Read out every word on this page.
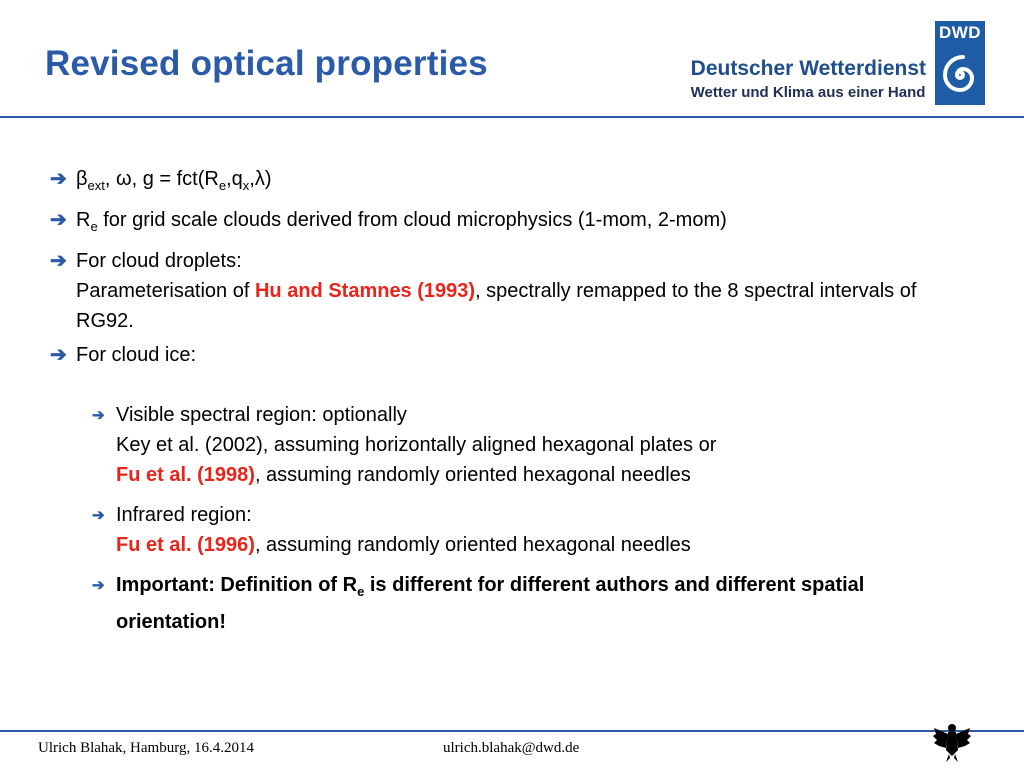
Revised optical properties	Deutscher Wetterdienst
Wetter und Klima aus einer Hand
DWD
➔ $\beta_{ext}$, ω, $g = fct(R_e,q_x,\lambda)$
➔ $R_e$ for grid scale clouds derived from cloud microphysics (1-mom, 2-mom)
➔ For cloud droplets:
Parameterisation of Hu and Stamnes (1993), spectrally remapped to the 8 spectral intervals of RG92.
➔ For cloud ice:
➔ Visible spectral region: optionally
Key et al. (2002), assuming horizontally aligned hexagonal plates or
Fu et al. (1998), assuming randomly oriented hexagonal needles
➔ Infrared region:
Fu et al. (1996), assuming randomly oriented hexagonal needles
➔ Important: Definition of $R_e$ is different for different authors and different spatial orientation!
Ulrich Blahak, Hamburg, 16.4.2014	ulrich.blahak@dwd.de
